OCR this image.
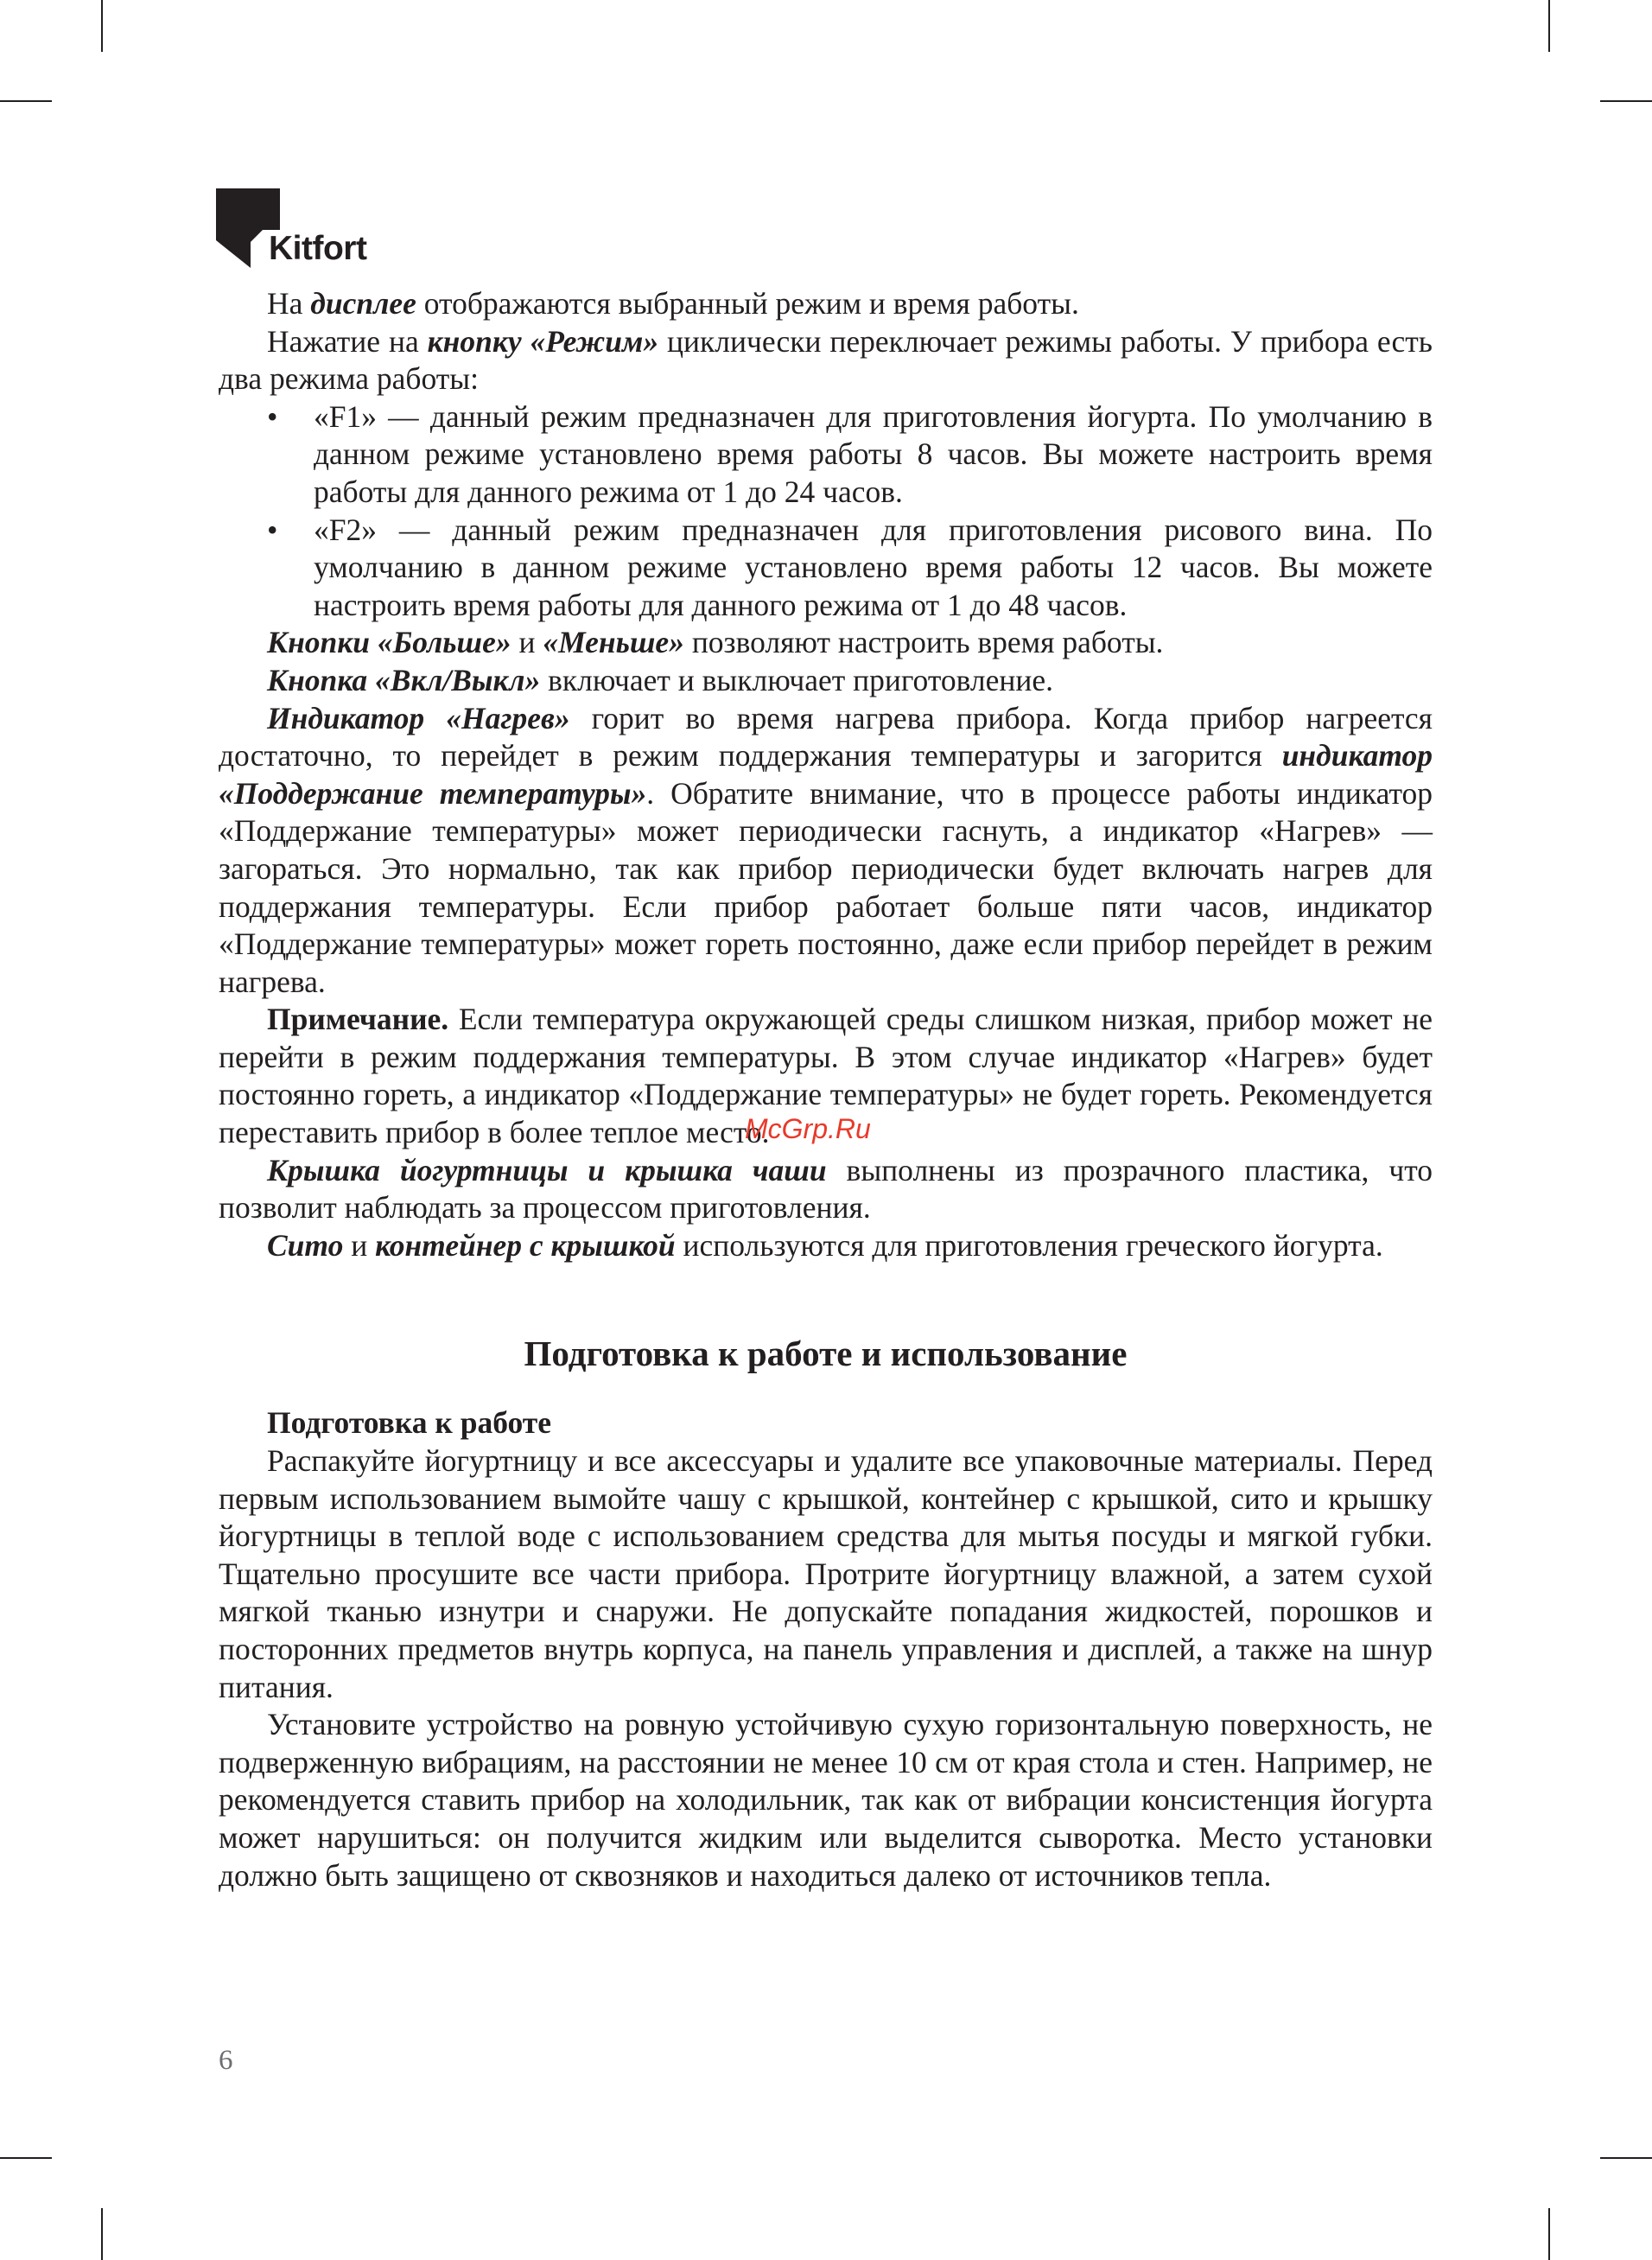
Kitfort

На дисплее отображаются выбранный режим и время работы.

Нажатие на кнопку «Режим» циклически переключает режимы работы. У прибора есть два режима работы:

• «F1» — данный режим предназначен для приготовления йогурта. По умолчанию в данном режиме установлено время работы 8 часов. Вы можете настроить время работы для данного режима от 1 до 24 часов.
• «F2» — данный режим предназначен для приготовления рисового вина. По умолчанию в данном режиме установлено время работы 12 часов. Вы можете настроить время работы для данного режима от 1 до 48 часов.

Кнопки «Больше» и «Меньше» позволяют настроить время работы.

Кнопка «Вкл/Выкл» включает и выключает приготовление.

Индикатор «Нагрев» горит во время нагрева прибора. Когда прибор нагреется достаточно, то перейдет в режим поддержания температуры и загорится индикатор «Поддержание температуры». Обратите внимание, что в процессе работы индикатор «Поддержание температуры» может периодически гаснуть, а индикатор «Нагрев» — загораться. Это нормально, так как прибор периодически будет включать нагрев для поддержания температуры. Если прибор работает больше пяти часов, индикатор «Поддержание температуры» может гореть постоянно, даже если прибор перейдет в режим нагрева.

Примечание. Если температура окружающей среды слишком низкая, прибор может не перейти в режим поддержания температуры. В этом случае индикатор «Нагрев» будет постоянно гореть, а индикатор «Поддержание температуры» не будет гореть. Рекомендуется переставить прибор в более теплое место.

Крышка йогуртницы и крышка чаши выполнены из прозрачного пластика, что позволит наблюдать за процессом приготовления.

Сито и контейнер с крышкой используются для приготовления греческого йогурта.

Подготовка к работе и использование

Подготовка к работе

Распакуйте йогуртницу и все аксессуары и удалите все упаковочные материалы. Перед первым использованием вымойте чашу с крышкой, контейнер с крышкой, сито и крышку йогуртницы в теплой воде с использованием средства для мытья посуды и мягкой губки. Тщательно просушите все части прибора. Протрите йогуртницу влажной, а затем сухой мягкой тканью изнутри и снаружи. Не допускайте попадания жидкостей, порошков и посторонних предметов внутрь корпуса, на панель управления и дисплей, а также на шнур питания.

Установите устройство на ровную устойчивую сухую горизонтальную поверхность, не подверженную вибрациям, на расстоянии не менее 10 см от края стола и стен. Например, не рекомендуется ставить прибор на холодильник, так как от вибрации консистенция йогурта может нарушиться: он получится жидким или выделится сыворотка. Место установки должно быть защищено от сквозняков и находиться далеко от источников тепла.

McGrp.Ru
6
